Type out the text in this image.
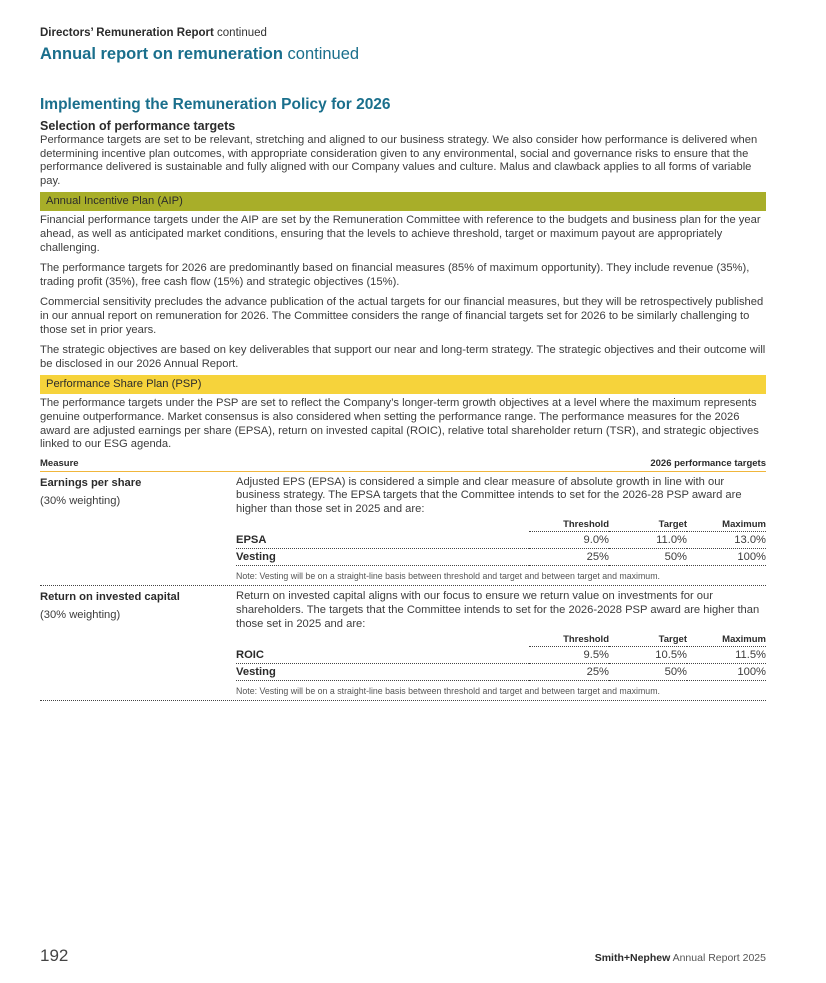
Directors’ Remuneration Report continued
Annual report on remuneration continued
Implementing the Remuneration Policy for 2026
Selection of performance targets

Performance targets are set to be relevant, stretching and aligned to our business strategy. We also consider how performance is delivered when determining incentive plan outcomes, with appropriate consideration given to any environmental, social and governance risks to ensure that the performance delivered is sustainable and fully aligned with our Company values and culture. Malus and clawback applies to all forms of variable pay.

Annual Incentive Plan (AIP)

Financial performance targets under the AIP are set by the Remuneration Committee with reference to the budgets and business plan for the year ahead, as well as anticipated market conditions, ensuring that the levels to achieve threshold, target or maximum payout are appropriately challenging.

The performance targets for 2026 are predominantly based on financial measures (85% of maximum opportunity). They include revenue (35%), trading profit (35%), free cash flow (15%) and strategic objectives (15%).

Commercial sensitivity precludes the advance publication of the actual targets for our financial measures, but they will be retrospectively published in our annual report on remuneration for 2026. The Committee considers the range of financial targets set for 2026 to be similarly challenging to those set in prior years.

The strategic objectives are based on key deliverables that support our near and long-term strategy. The strategic objectives and their outcome will be disclosed in our 2026 Annual Report.

Performance Share Plan (PSP)

The performance targets under the PSP are set to reflect the Company’s longer-term growth objectives at a level where the maximum represents genuine outperformance. Market consensus is also considered when setting the performance range. The performance measures for the 2026 award are adjusted earnings per share (EPSA), return on invested capital (ROIC), relative total shareholder return (TSR), and strategic objectives linked to our ESG agenda.

Measure	2026 performance targets
Earnings per share
(30% weighting)
Adjusted EPS (EPSA) is considered a simple and clear measure of absolute growth in line with our business strategy. The EPSA targets that the Committee intends to set for the 2026-28 PSP award are higher than those set in 2025 and are:
	Threshold	Target	Maximum
EPSA	9.0%	11.0%	13.0%
Vesting	25%	50%	100%
Note: Vesting will be on a straight-line basis between threshold and target and between target and maximum.
Return on invested capital
(30% weighting)
Return on invested capital aligns with our focus to ensure we return value on investments for our shareholders. The targets that the Committee intends to set for the 2026-2028 PSP award are higher than those set in 2025 and are:
	Threshold	Target	Maximum
ROIC	9.5%	10.5%	11.5%
Vesting	25%	50%	100%
Note: Vesting will be on a straight-line basis between threshold and target and between target and maximum.
192	Smith+Nephew Annual Report 2025
